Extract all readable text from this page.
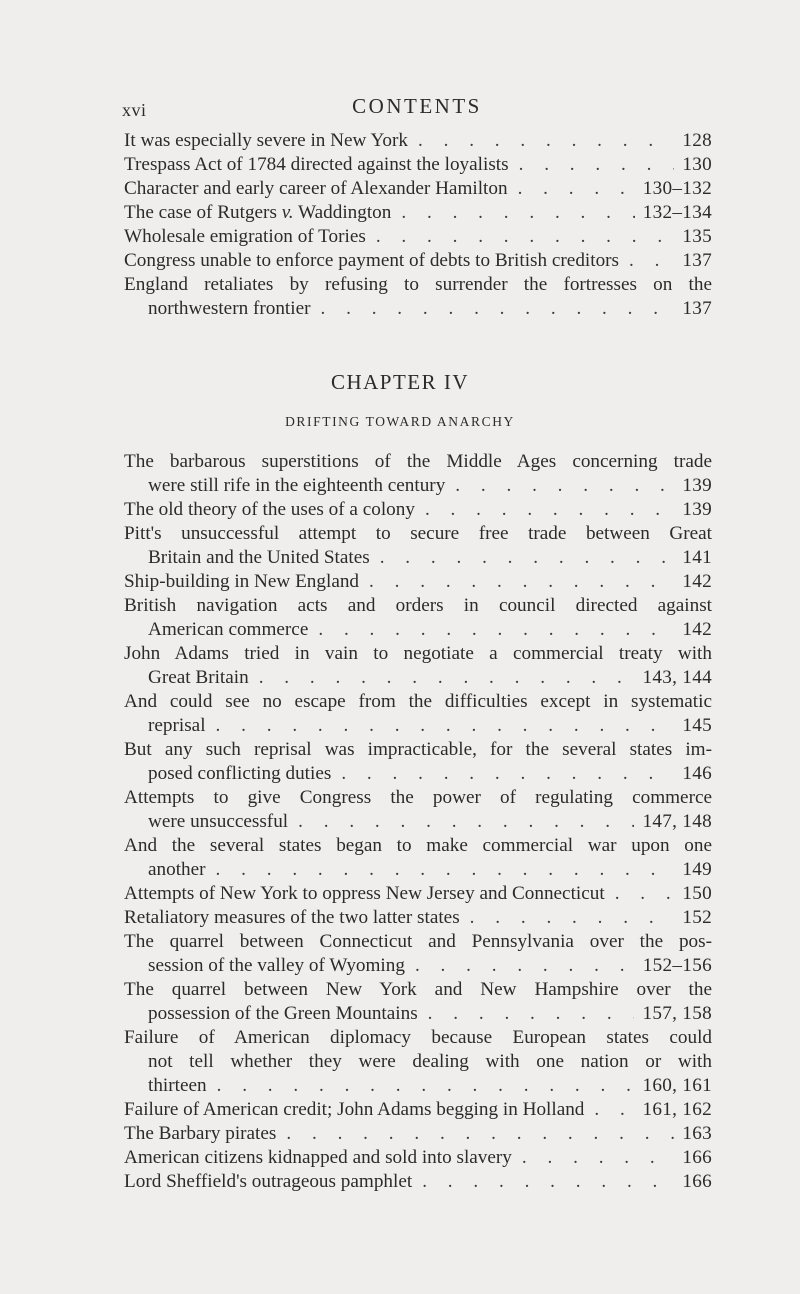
xvi	CONTENTS
It was especially severe in New York . . .	128
Trespass Act of 1784 directed against the loyalists . . .	130
Character and early career of Alexander Hamilton . . .	130–132
The case of Rutgers v. Waddington . . .	132–134
Wholesale emigration of Tories . . .	135
Congress unable to enforce payment of debts to British creditors . . .	137
England retaliates by refusing to surrender the fortresses on the
northwestern frontier . . .	137
CHAPTER IV
DRIFTING TOWARD ANARCHY
The barbarous superstitions of the Middle Ages concerning trade
were still rife in the eighteenth century . . .	139
The old theory of the uses of a colony . . .	139
Pitt's unsuccessful attempt to secure free trade between Great
Britain and the United States . . .	141
Ship-building in New England . . .	142
British navigation acts and orders in council directed against
American commerce . . .	142
John Adams tried in vain to negotiate a commercial treaty with
Great Britain . . .	143, 144
And could see no escape from the difficulties except in systematic
reprisal . . .	145
But any such reprisal was impracticable, for the several states im-
posed conflicting duties . . .	146
Attempts to give Congress the power of regulating commerce
were unsuccessful . . .	147, 148
And the several states began to make commercial war upon one
another . . .	149
Attempts of New York to oppress New Jersey and Connecticut . . .	150
Retaliatory measures of the two latter states . . .	152
The quarrel between Connecticut and Pennsylvania over the pos-
session of the valley of Wyoming . . .	152–156
The quarrel between New York and New Hampshire over the
possession of the Green Mountains . . .	157, 158
Failure of American diplomacy because European states could
not tell whether they were dealing with one nation or with
thirteen . . .	160, 161
Failure of American credit; John Adams begging in Holland . . .	161, 162
The Barbary pirates . . .	163
American citizens kidnapped and sold into slavery . . .	166
Lord Sheffield's outrageous pamphlet . . .	166
